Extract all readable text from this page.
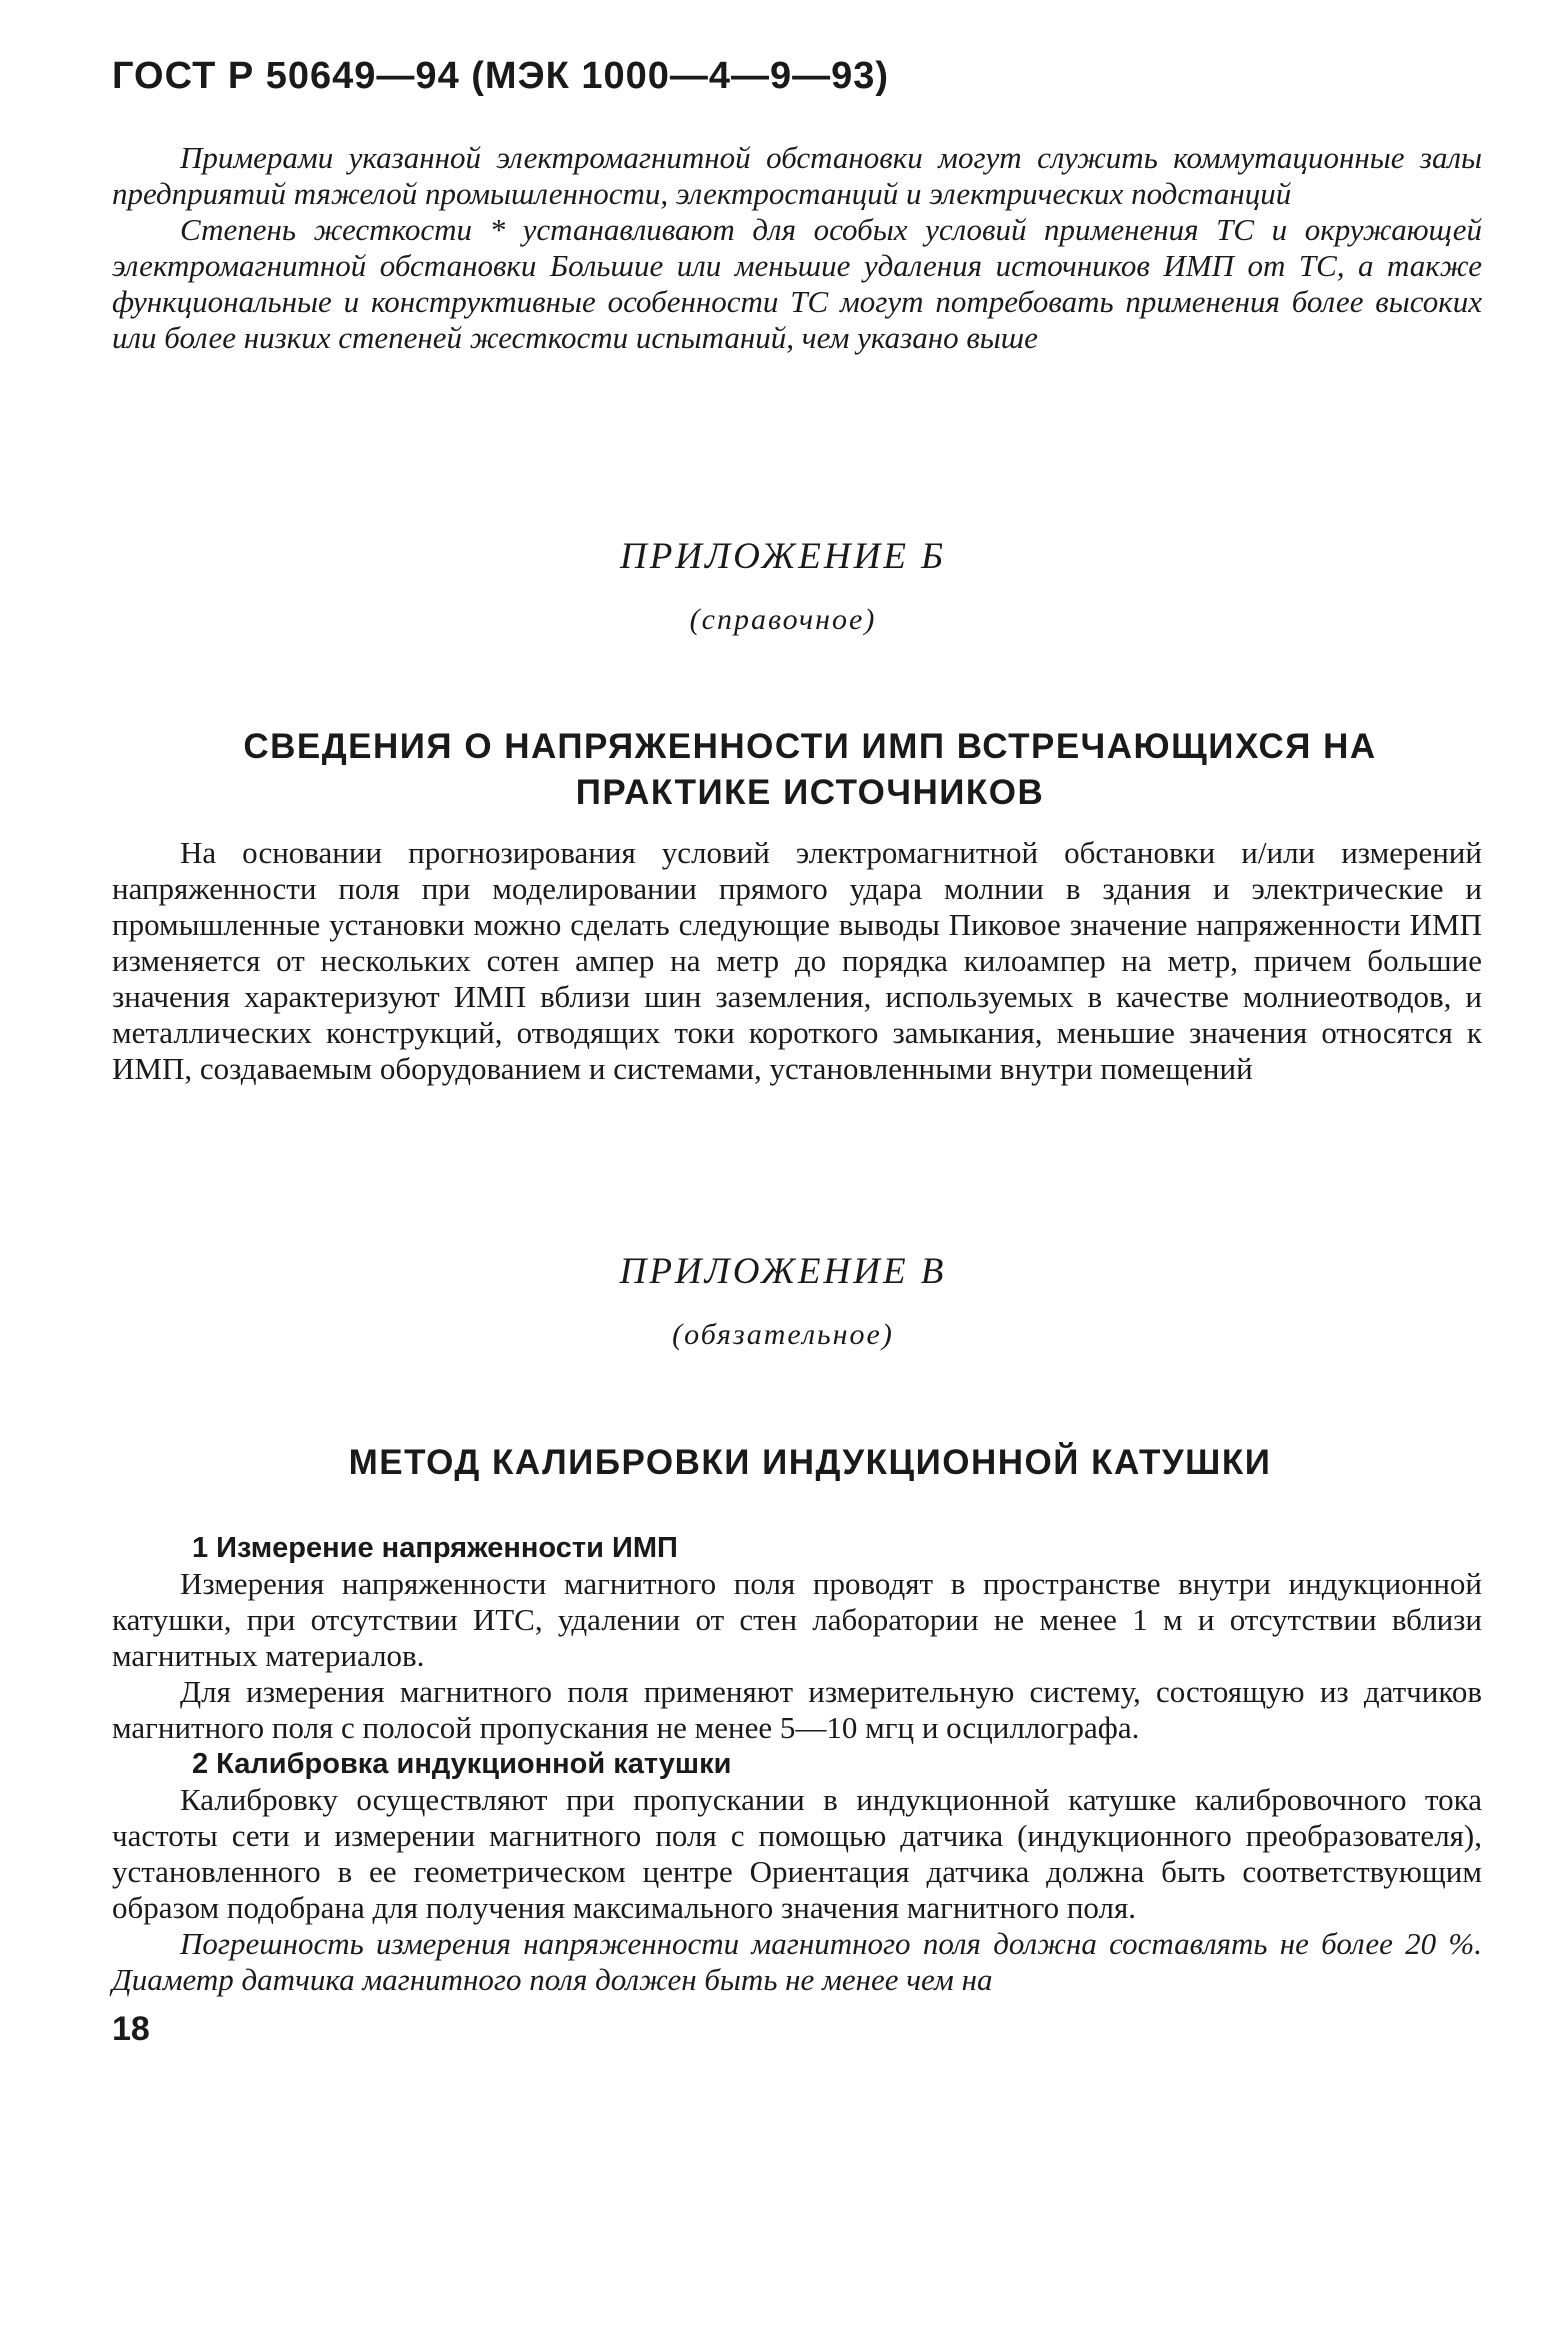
ГОСТ Р 50649—94 (МЭК 1000—4—9—93)

Примерами указанной электромагнитной обстановки могут служить коммутационные залы предприятий тяжелой промышленности, электростанций и электрических подстанций

Степень жесткости * устанавливают для особых условий применения ТС и окружающей электромагнитной обстановки Большие или меньшие удаления источников ИМП от ТС, а также функциональные и конструктивные особенности ТС могут потребовать применения более высоких или более низких степеней жесткости испытаний, чем указано выше

ПРИЛОЖЕНИЕ Б
(справочное)
СВЕДЕНИЯ О НАПРЯЖЕННОСТИ ИМП ВСТРЕЧАЮЩИХСЯ НА
ПРАКТИКЕ ИСТОЧНИКОВ

На основании прогнозирования условий электромагнитной обстановки и/или измерений напряженности поля при моделировании прямого удара молнии в здания и электрические и промышленные установки можно сделать следующие выводы Пиковое значение напряженности ИМП изменяется от нескольких сотен ампер на метр до порядка килоампер на метр, причем большие значения характеризуют ИМП вблизи шин заземления, используемых в качестве молниеотводов, и металлических конструкций, отводящих токи короткого замыкания, меньшие значения относятся к ИМП, создаваемым оборудованием и системами, установленными внутри помещений

ПРИЛОЖЕНИЕ В
(обязательное)
МЕТОД КАЛИБРОВКИ ИНДУКЦИОННОЙ КАТУШКИ
1 Измерение напряженности ИМП

Измерения напряженности магнитного поля проводят в пространстве внутри индукционной катушки, при отсутствии ИТС, удалении от стен лаборатории не менее 1 м и отсутствии вблизи магнитных материалов.

Для измерения магнитного поля применяют измерительную систему, состоящую из датчиков магнитного поля с полосой пропускания не менее 5—10 мгц и осциллографа.

2 Калибровка индукционной катушки

Калибровку осуществляют при пропускании в индукционной катушке калибровочного тока частоты сети и измерении магнитного поля с помощью датчика (индукционного преобразователя), установленного в ее геометрическом центре Ориентация датчика должна быть соответствующим образом подобрана для получения максимального значения магнитного поля.

Погрешность измерения напряженности магнитного поля должна составлять не более 20 %. Диаметр датчика магнитного поля должен быть не менее чем на

18
